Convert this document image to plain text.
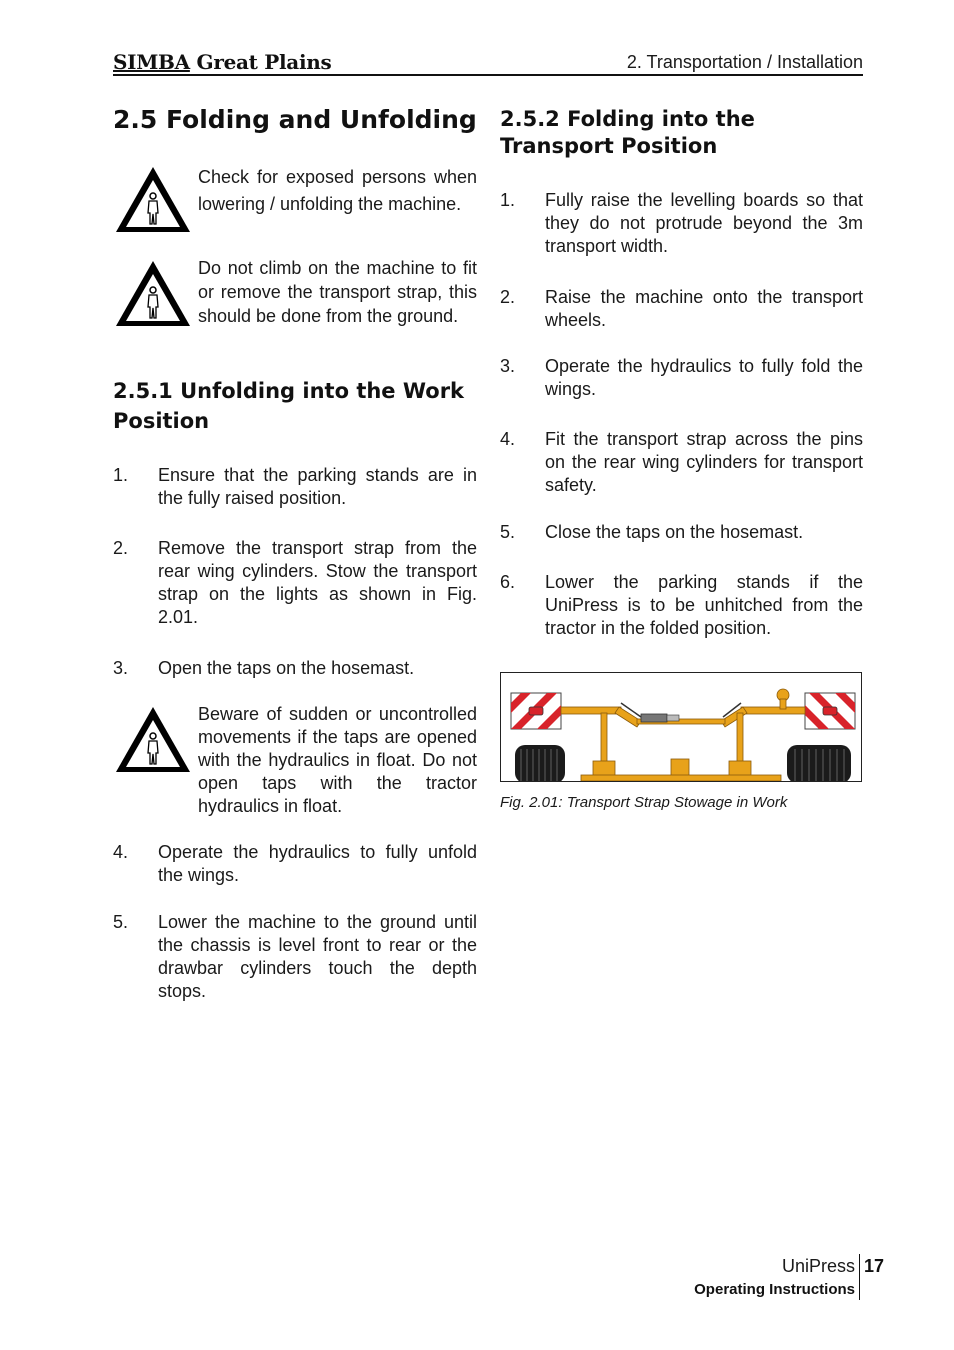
SIMBA Great Plains	2. Transportation / Installation
2.5 Folding and Unfolding
Check for exposed persons when lowering / unfolding the machine.
Do not climb on the machine to fit or remove the transport strap, this should be done from the ground.
2.5.1 Unfolding into the Work Position
1. Ensure that the parking stands are in the fully raised position.
2. Remove the transport strap from the rear wing cylinders. Stow the transport strap on the lights as shown in Fig. 2.01.
3. Open the taps on the hosemast.
Beware of sudden or uncontrolled movements if the taps are opened with the hydraulics in float. Do not open taps with the tractor hydraulics in float.
4. Operate the hydraulics to fully unfold the wings.
5. Lower the machine to the ground until the chassis is level front to rear or the drawbar cylinders touch the depth stops.
2.5.2 Folding into the Transport Position
1. Fully raise the levelling boards so that they do not protrude beyond the 3m transport width.
2. Raise the machine onto the transport wheels.
3. Operate the hydraulics to fully fold the wings.
4. Fit the transport strap across the pins on the rear wing cylinders for transport safety.
5. Close the taps on the hosemast.
6. Lower the parking stands if the UniPress is to be unhitched from the tractor in the folded position.
Fig. 2.01: Transport Strap Stowage in Work
UniPress 17
Operating Instructions
